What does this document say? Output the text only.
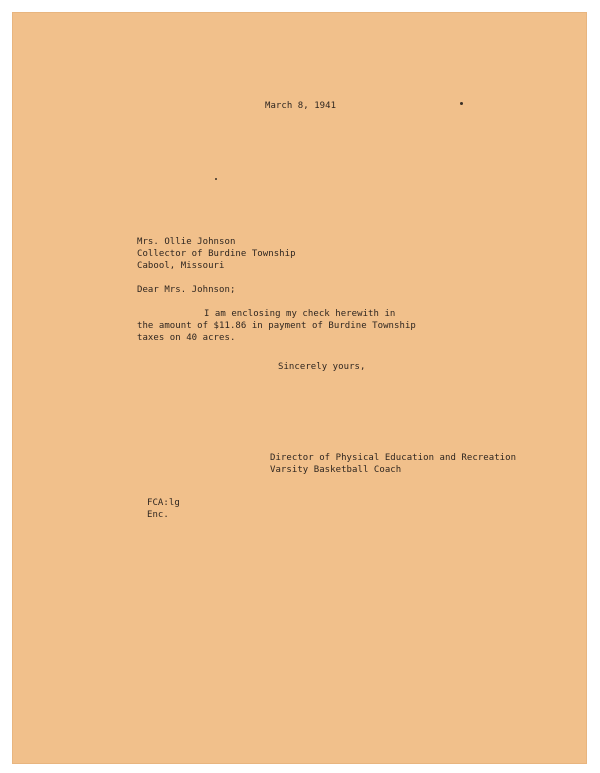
March 8, 1941

Mrs. Ollie Johnson

Collector of Burdine Township

Cabool, Missouri

Dear Mrs. Johnson;

I am enclosing my check herewith in

the amount of $11.86 in payment of Burdine Township

taxes on 40 acres.

Sincerely yours,

Director of Physical Education and Recreation

Varsity Basketball Coach

FCA:lg

Enc.
